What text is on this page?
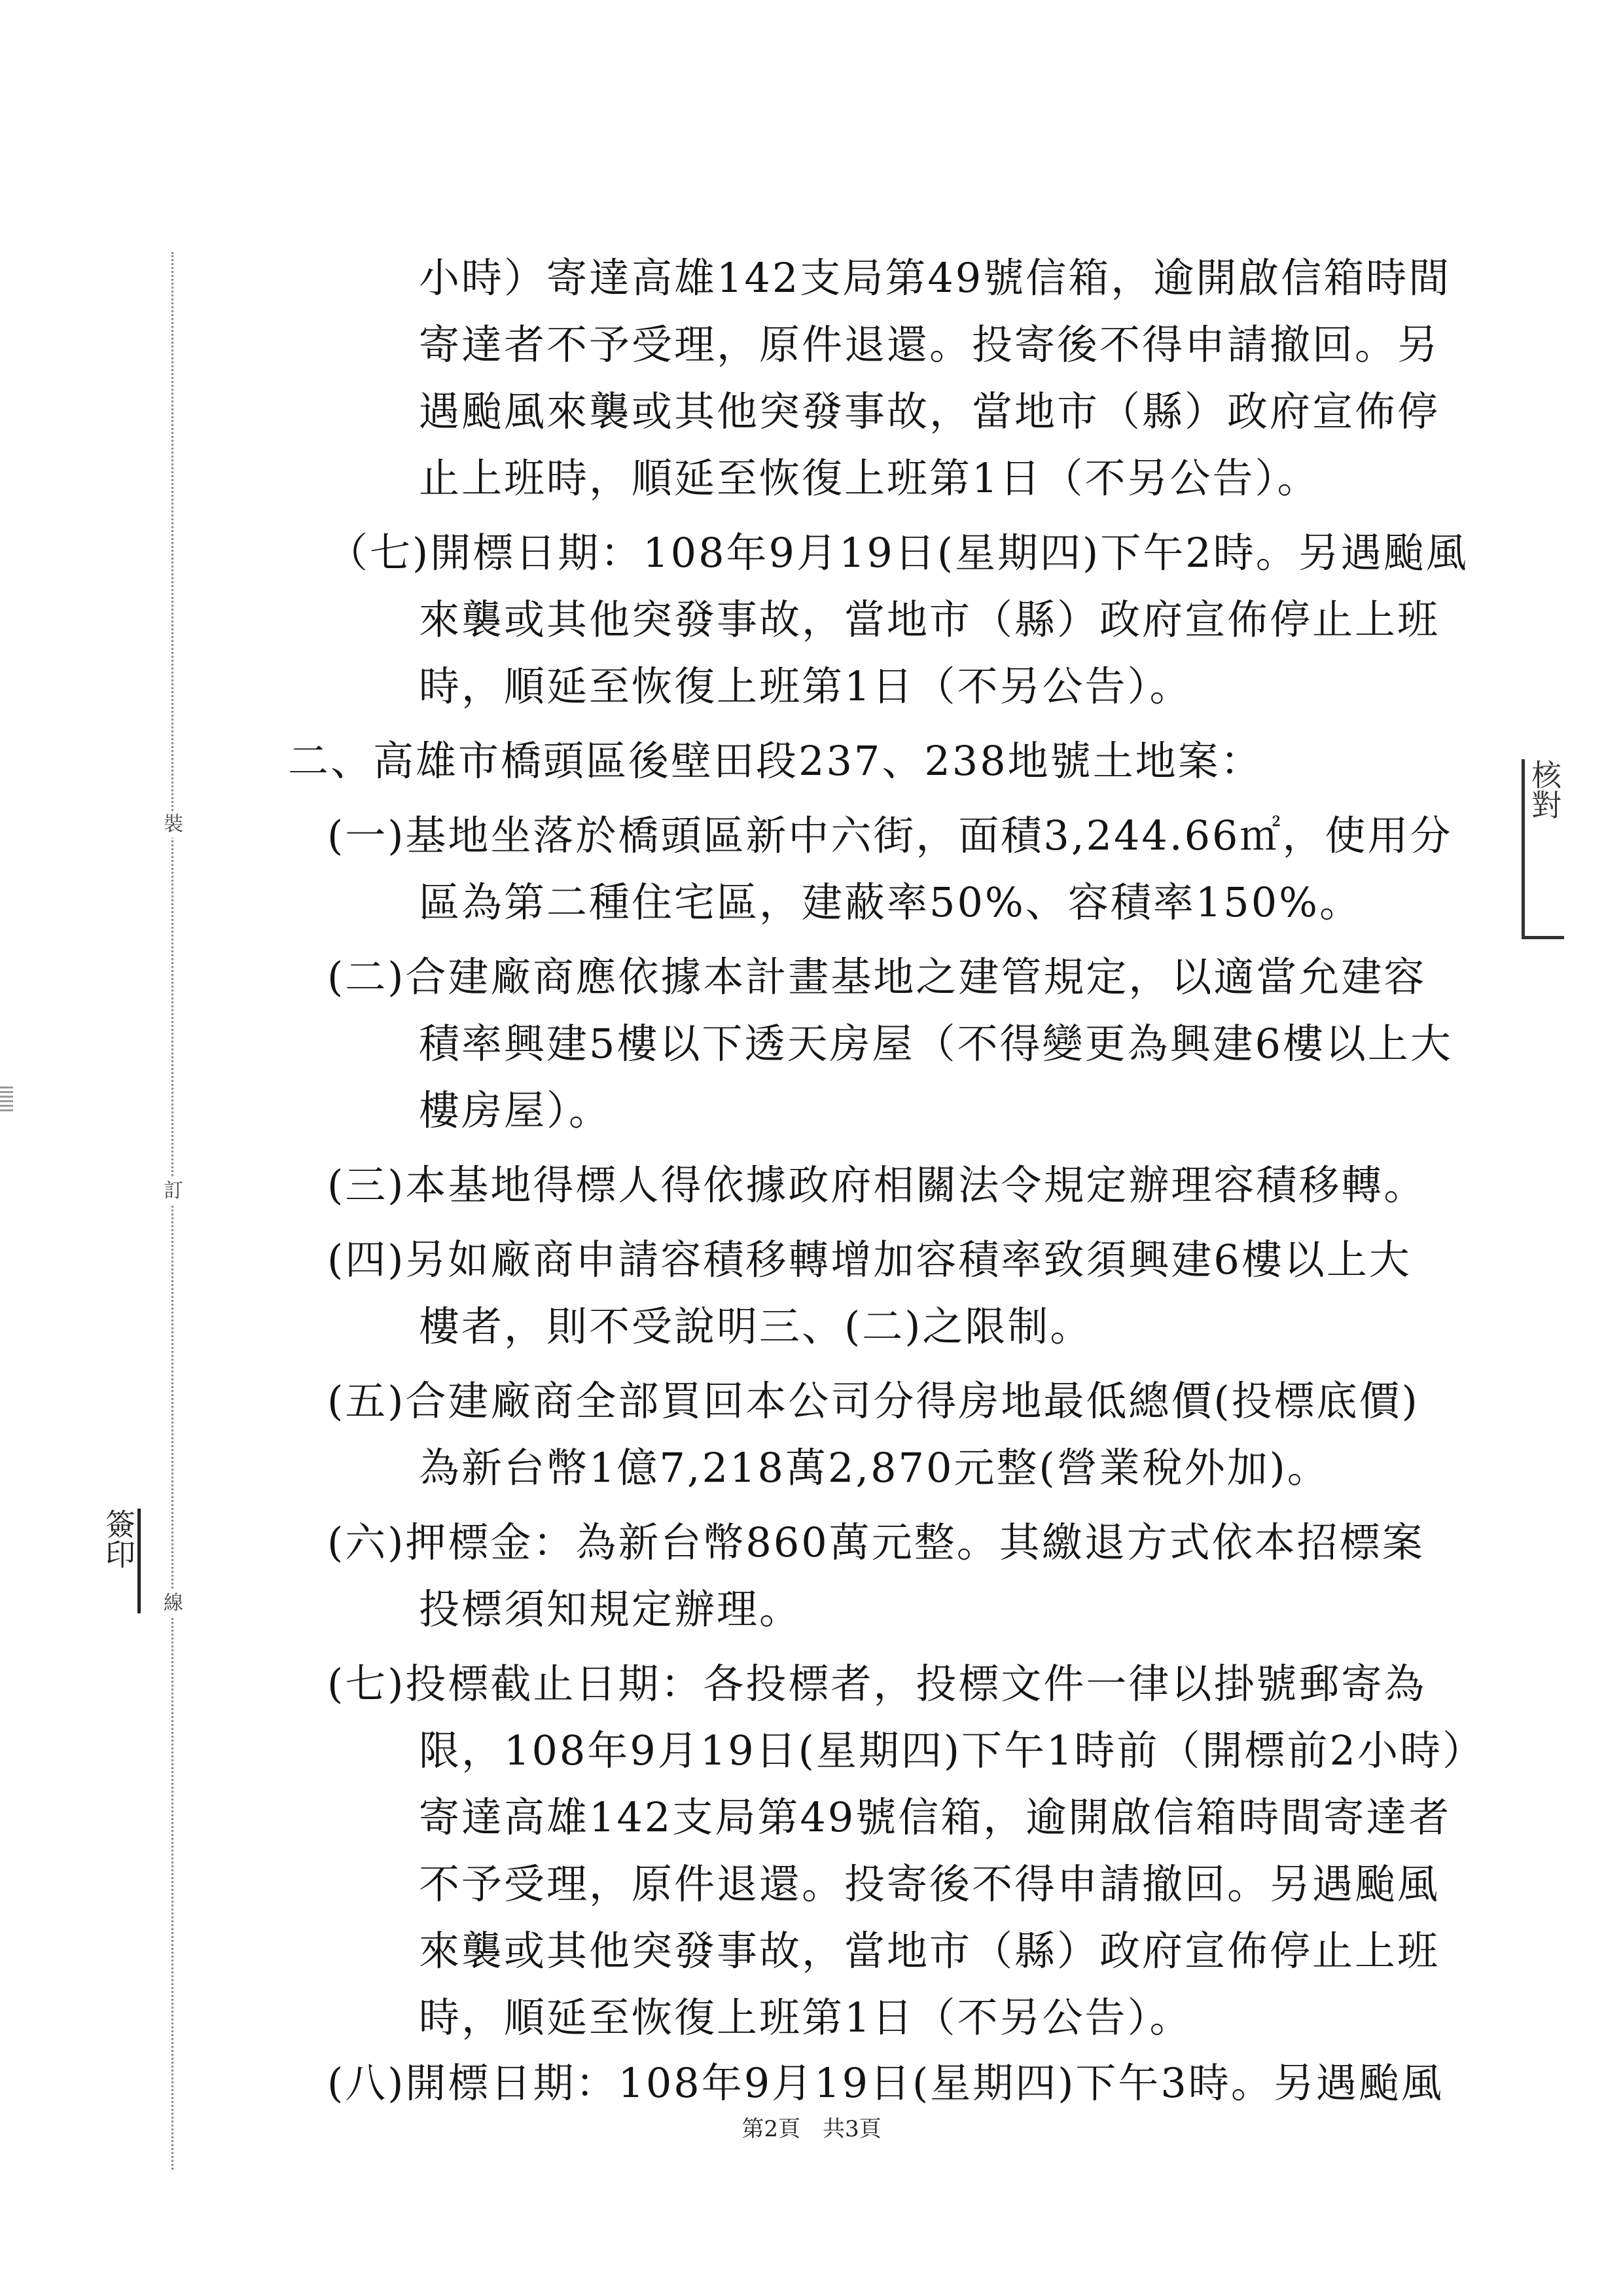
裝
訂
線
簽印
核對
小時）寄達高雄142支局第49號信箱，逾開啟信箱時間
寄達者不予受理，原件退還。投寄後不得申請撤回。另
遇颱風來襲或其他突發事故，當地市（縣）政府宣佈停
止上班時，順延至恢復上班第1日（不另公告）。
（七)開標日期：108年9月19日(星期四)下午2時。另遇颱風
來襲或其他突發事故，當地市（縣）政府宣佈停止上班
時，順延至恢復上班第1日（不另公告）。
二、高雄市橋頭區後壁田段237、238地號土地案：
(一)基地坐落於橋頭區新中六街，面積3,244.66㎡，使用分
區為第二種住宅區，建蔽率50%、容積率150%。
(二)合建廠商應依據本計畫基地之建管規定，以適當允建容
積率興建5樓以下透天房屋（不得變更為興建6樓以上大
樓房屋）。
(三)本基地得標人得依據政府相關法令規定辦理容積移轉。
(四)另如廠商申請容積移轉增加容積率致須興建6樓以上大
樓者，則不受說明三、(二)之限制。
(五)合建廠商全部買回本公司分得房地最低總價(投標底價)
為新台幣1億7,218萬2,870元整(營業稅外加)。
(六)押標金：為新台幣860萬元整。其繳退方式依本招標案
投標須知規定辦理。
(七)投標截止日期：各投標者，投標文件一律以掛號郵寄為
限，108年9月19日(星期四)下午1時前（開標前2小時）
寄達高雄142支局第49號信箱，逾開啟信箱時間寄達者
不予受理，原件退還。投寄後不得申請撤回。另遇颱風
來襲或其他突發事故，當地市（縣）政府宣佈停止上班
時，順延至恢復上班第1日（不另公告）。
(八)開標日期：108年9月19日(星期四)下午3時。另遇颱風
第2頁　共3頁
